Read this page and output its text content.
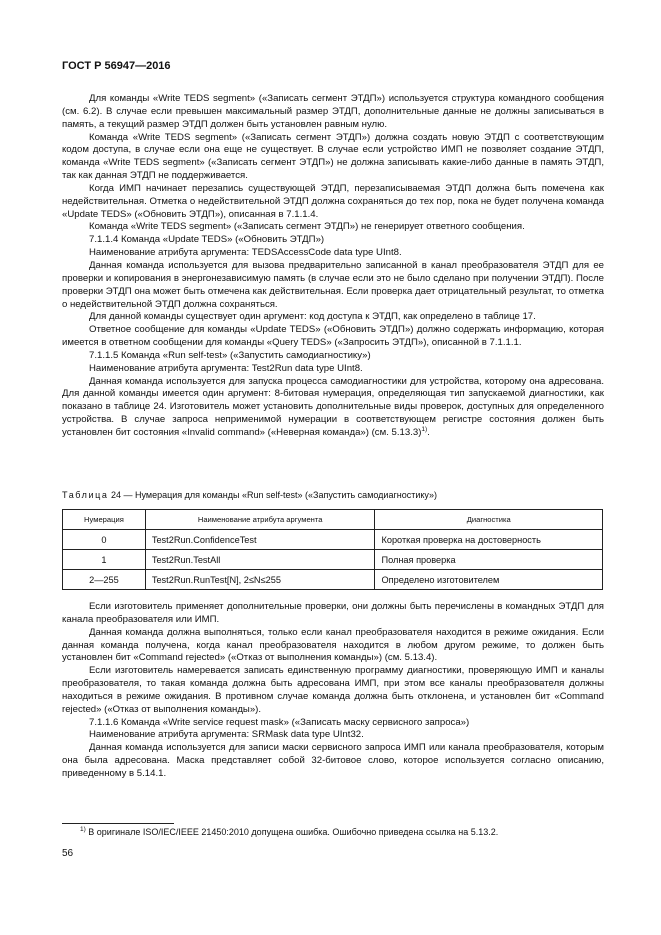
ГОСТ Р 56947—2016

Для команды «Write TEDS segment» («Записать сегмент ЭТДП») используется структура командного сообщения (см. 6.2). В случае если превышен максимальный размер ЭТДП, дополнительные данные не должны записываться в память, а текущий размер ЭТДП должен быть установлен равным нулю.

Команда «Write TEDS segment» («Записать сегмент ЭТДП») должна создать новую ЭТДП с соответствующим кодом доступа, в случае если она еще не существует. В случае если устройство ИМП не позволяет создание ЭТДП, команда «Write TEDS segment» («Записать сегмент ЭТДП») не должна записывать какие-либо данные в память ЭТДП, так как данная ЭТДП не поддерживается.

Когда ИМП начинает перезапись существующей ЭТДП, перезаписываемая ЭТДП должна быть помечена как недействительная. Отметка о недействительной ЭТДП должна сохраняться до тех пор, пока не будет получена команда «Update TEDS» («Обновить ЭТДП»), описанная в 7.1.1.4.

Команда «Write TEDS segment» («Записать сегмент ЭТДП») не генерирует ответного сообщения.

7.1.1.4 Команда «Update TEDS» («Обновить ЭТДП»)

Наименование атрибута аргумента: TEDSAccessCode data type UInt8.

Данная команда используется для вызова предварительно записанной в канал преобразователя ЭТДП для ее проверки и копирования в энергонезависимую память (в случае если это не было сделано при получении ЭТДП). После проверки ЭТДП она может быть отмечена как действительная. Если проверка дает отрицательный результат, то отметка о недействительной ЭТДП должна сохраняться.

Для данной команды существует один аргумент: код доступа к ЭТДП, как определено в таблице 17.

Ответное сообщение для команды «Update TEDS» («Обновить ЭТДП») должно содержать информацию, которая имеется в ответном сообщении для команды «Query TEDS» («Запросить ЭТДП»), описанной в 7.1.1.1.

7.1.1.5 Команда «Run self-test» («Запустить самодиагностику»)

Наименование атрибута аргумента: Test2Run data type UInt8.

Данная команда используется для запуска процесса самодиагностики для устройства, которому она адресована. Для данной команды имеется один аргумент: 8-битовая нумерация, определяющая тип запускаемой диагностики, как показано в таблице 24. Изготовитель может установить дополнительные виды проверок, доступных для определенного устройства. В случае запроса неприменимой нумерации в соответствующем регистре состояния должен быть установлен бит состояния «Invalid command» («Неверная команда») (см. 5.13.3)$^{1)}$.

Таблица 24 — Нумерация для команды «Run self-test» («Запустить самодиагностику»)
Нумерация	Наименование атрибута аргумента	Диагностика
0	Test2Run.ConfidenceTest	Короткая проверка на достоверность
1	Test2Run.TestAll	Полная проверка
2—255	Test2Run.RunTest[N], 2≤N≤255	Определено изготовителем

Если изготовитель применяет дополнительные проверки, они должны быть перечислены в командных ЭТДП для канала преобразователя или ИМП.

Данная команда должна выполняться, только если канал преобразователя находится в режиме ожидания. Если данная команда получена, когда канал преобразователя находится в любом другом режиме, то должен быть установлен бит «Command rejected» («Отказ от выполнения команды») (см. 5.13.4).

Если изготовитель намеревается записать единственную программу диагностики, проверяющую ИМП и каналы преобразователя, то такая команда должна быть адресована ИМП, при этом все каналы преобразователя должны находиться в режиме ожидания. В противном случае команда должна быть отклонена, и установлен бит «Command rejected» («Отказ от выполнения команды»).

7.1.1.6 Команда «Write service request mask» («Записать маску сервисного запроса»)

Наименование атрибута аргумента: SRMask data type UInt32.

Данная команда используется для записи маски сервисного запроса ИМП или канала преобразователя, которым она была адресована. Маска представляет собой 32-битовое слово, которое используется согласно описанию, приведенному в 5.14.1.

$^{1)}$ В оригинале ISO/IEC/IEEE 21450:2010 допущена ошибка. Ошибочно приведена ссылка на 5.13.2.
56
